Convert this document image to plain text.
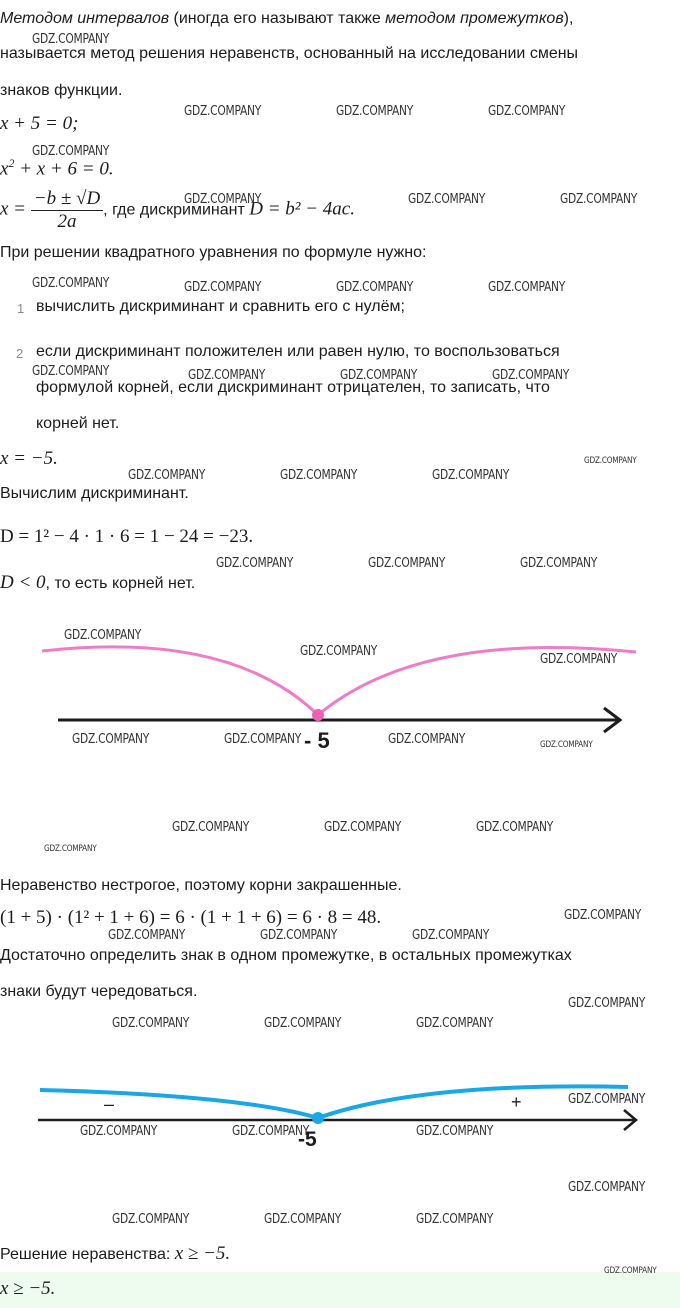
Методом интервалов (иногда его называют также методом промежутков),
называется метод решения неравенств, основанный на исследовании смены
знаков функции.
x + 5 = 0;
$x^2 + x + 6 = 0$.
$x = \frac{-b \pm √D}{2a}$ , где дискриминант D = b² − 4ac.
При решении квадратного уравнения по формуле нужно:
1 вычислить дискриминант и сравнить его с нулём;
2 если дискриминант положителен или равен нулю, то воспользоваться
формулой корней, если дискриминант отрицателен, то записать, что
корней нет.
x = −5.
Вычислим дискриминант.
D = 1² − 4 · 1 · 6 = 1 − 24 = −23.
D < 0, то есть корней нет.
- 5
Неравенство нестрогое, поэтому корни закрашенные.
(1 + 5) · (1² + 1 + 6) = 6 · (1 + 1 + 6) = 6 · 8 = 48.
Достаточно определить знак в одном промежутке, в остальных промежутках
знаки будут чередоваться.
–	+
-5
Решение неравенства: x ≥ −5.
x ≥ −5.
GDZ.COMPANY
GDZ.COMPANY	GDZ.COMPANY	GDZ.COMPANY
GDZ.COMPANY
GDZ.COMPANY	GDZ.COMPANY	GDZ.COMPANY
GDZ.COMPANY	GDZ.COMPANY	GDZ.COMPANY	GDZ.COMPANY
GDZ.COMPANY	GDZ.COMPANY	GDZ.COMPANY	GDZ.COMPANY
GDZ.COMPANY
GDZ.COMPANY	GDZ.COMPANY	GDZ.COMPANY
GDZ.COMPANY	GDZ.COMPANY	GDZ.COMPANY
GDZ.COMPANY
GDZ.COMPANY
GDZ.COMPANY
GDZ.COMPANY	GDZ.COMPANY	GDZ.COMPANY	GDZ.COMPANY
GDZ.COMPANY	GDZ.COMPANY	GDZ.COMPANY
GDZ.COMPANY
GDZ.COMPANY
GDZ.COMPANY	GDZ.COMPANY	GDZ.COMPANY
GDZ.COMPANY
GDZ.COMPANY	GDZ.COMPANY	GDZ.COMPANY
GDZ.COMPANY
GDZ.COMPANY	GDZ.COMPANY	GDZ.COMPANY
GDZ.COMPANY
GDZ.COMPANY	GDZ.COMPANY	GDZ.COMPANY
GDZ.COMPANY
